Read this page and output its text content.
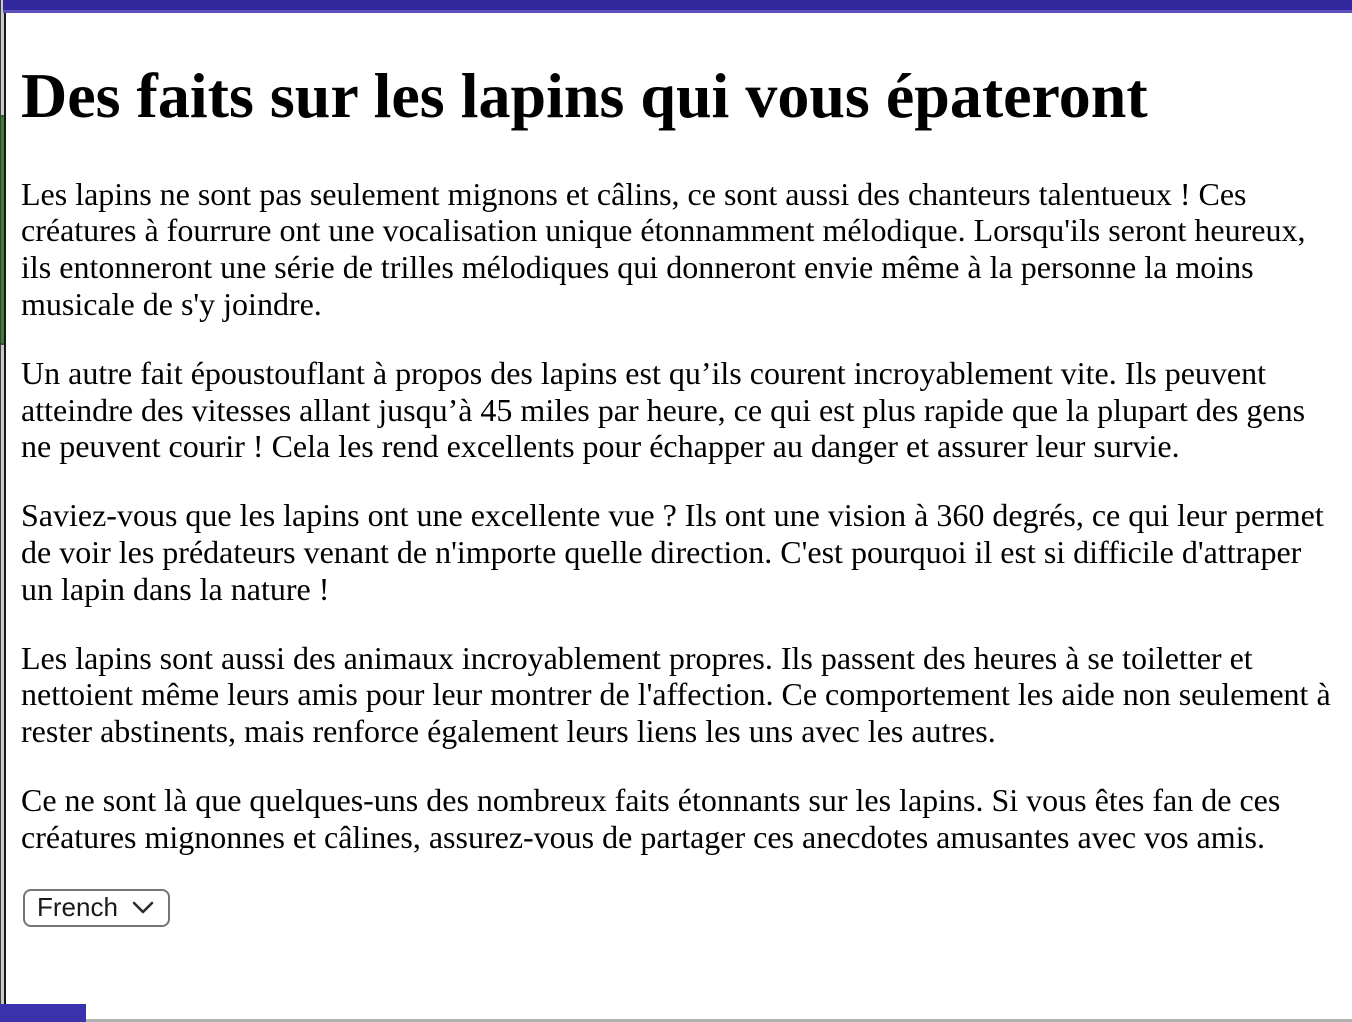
Des faits sur les lapins qui vous épateront

Les lapins ne sont pas seulement mignons et câlins, ce sont aussi des chanteurs talentueux ! Ces créatures à fourrure ont une vocalisation unique étonnamment mélodique. Lorsqu'ils seront heureux, ils entonneront une série de trilles mélodiques qui donneront envie même à la personne la moins musicale de s'y joindre.

Un autre fait époustouflant à propos des lapins est qu’ils courent incroyablement vite. Ils peuvent atteindre des vitesses allant jusqu’à 45 miles par heure, ce qui est plus rapide que la plupart des gens ne peuvent courir ! Cela les rend excellents pour échapper au danger et assurer leur survie.

Saviez-vous que les lapins ont une excellente vue ? Ils ont une vision à 360 degrés, ce qui leur permet de voir les prédateurs venant de n'importe quelle direction. C'est pourquoi il est si difficile d'attraper un lapin dans la nature !

Les lapins sont aussi des animaux incroyablement propres. Ils passent des heures à se toiletter et nettoient même leurs amis pour leur montrer de l'affection. Ce comportement les aide non seulement à rester abstinents, mais renforce également leurs liens les uns avec les autres.

Ce ne sont là que quelques-uns des nombreux faits étonnants sur les lapins. Si vous êtes fan de ces créatures mignonnes et câlines, assurez-vous de partager ces anecdotes amusantes avec vos amis.

French
